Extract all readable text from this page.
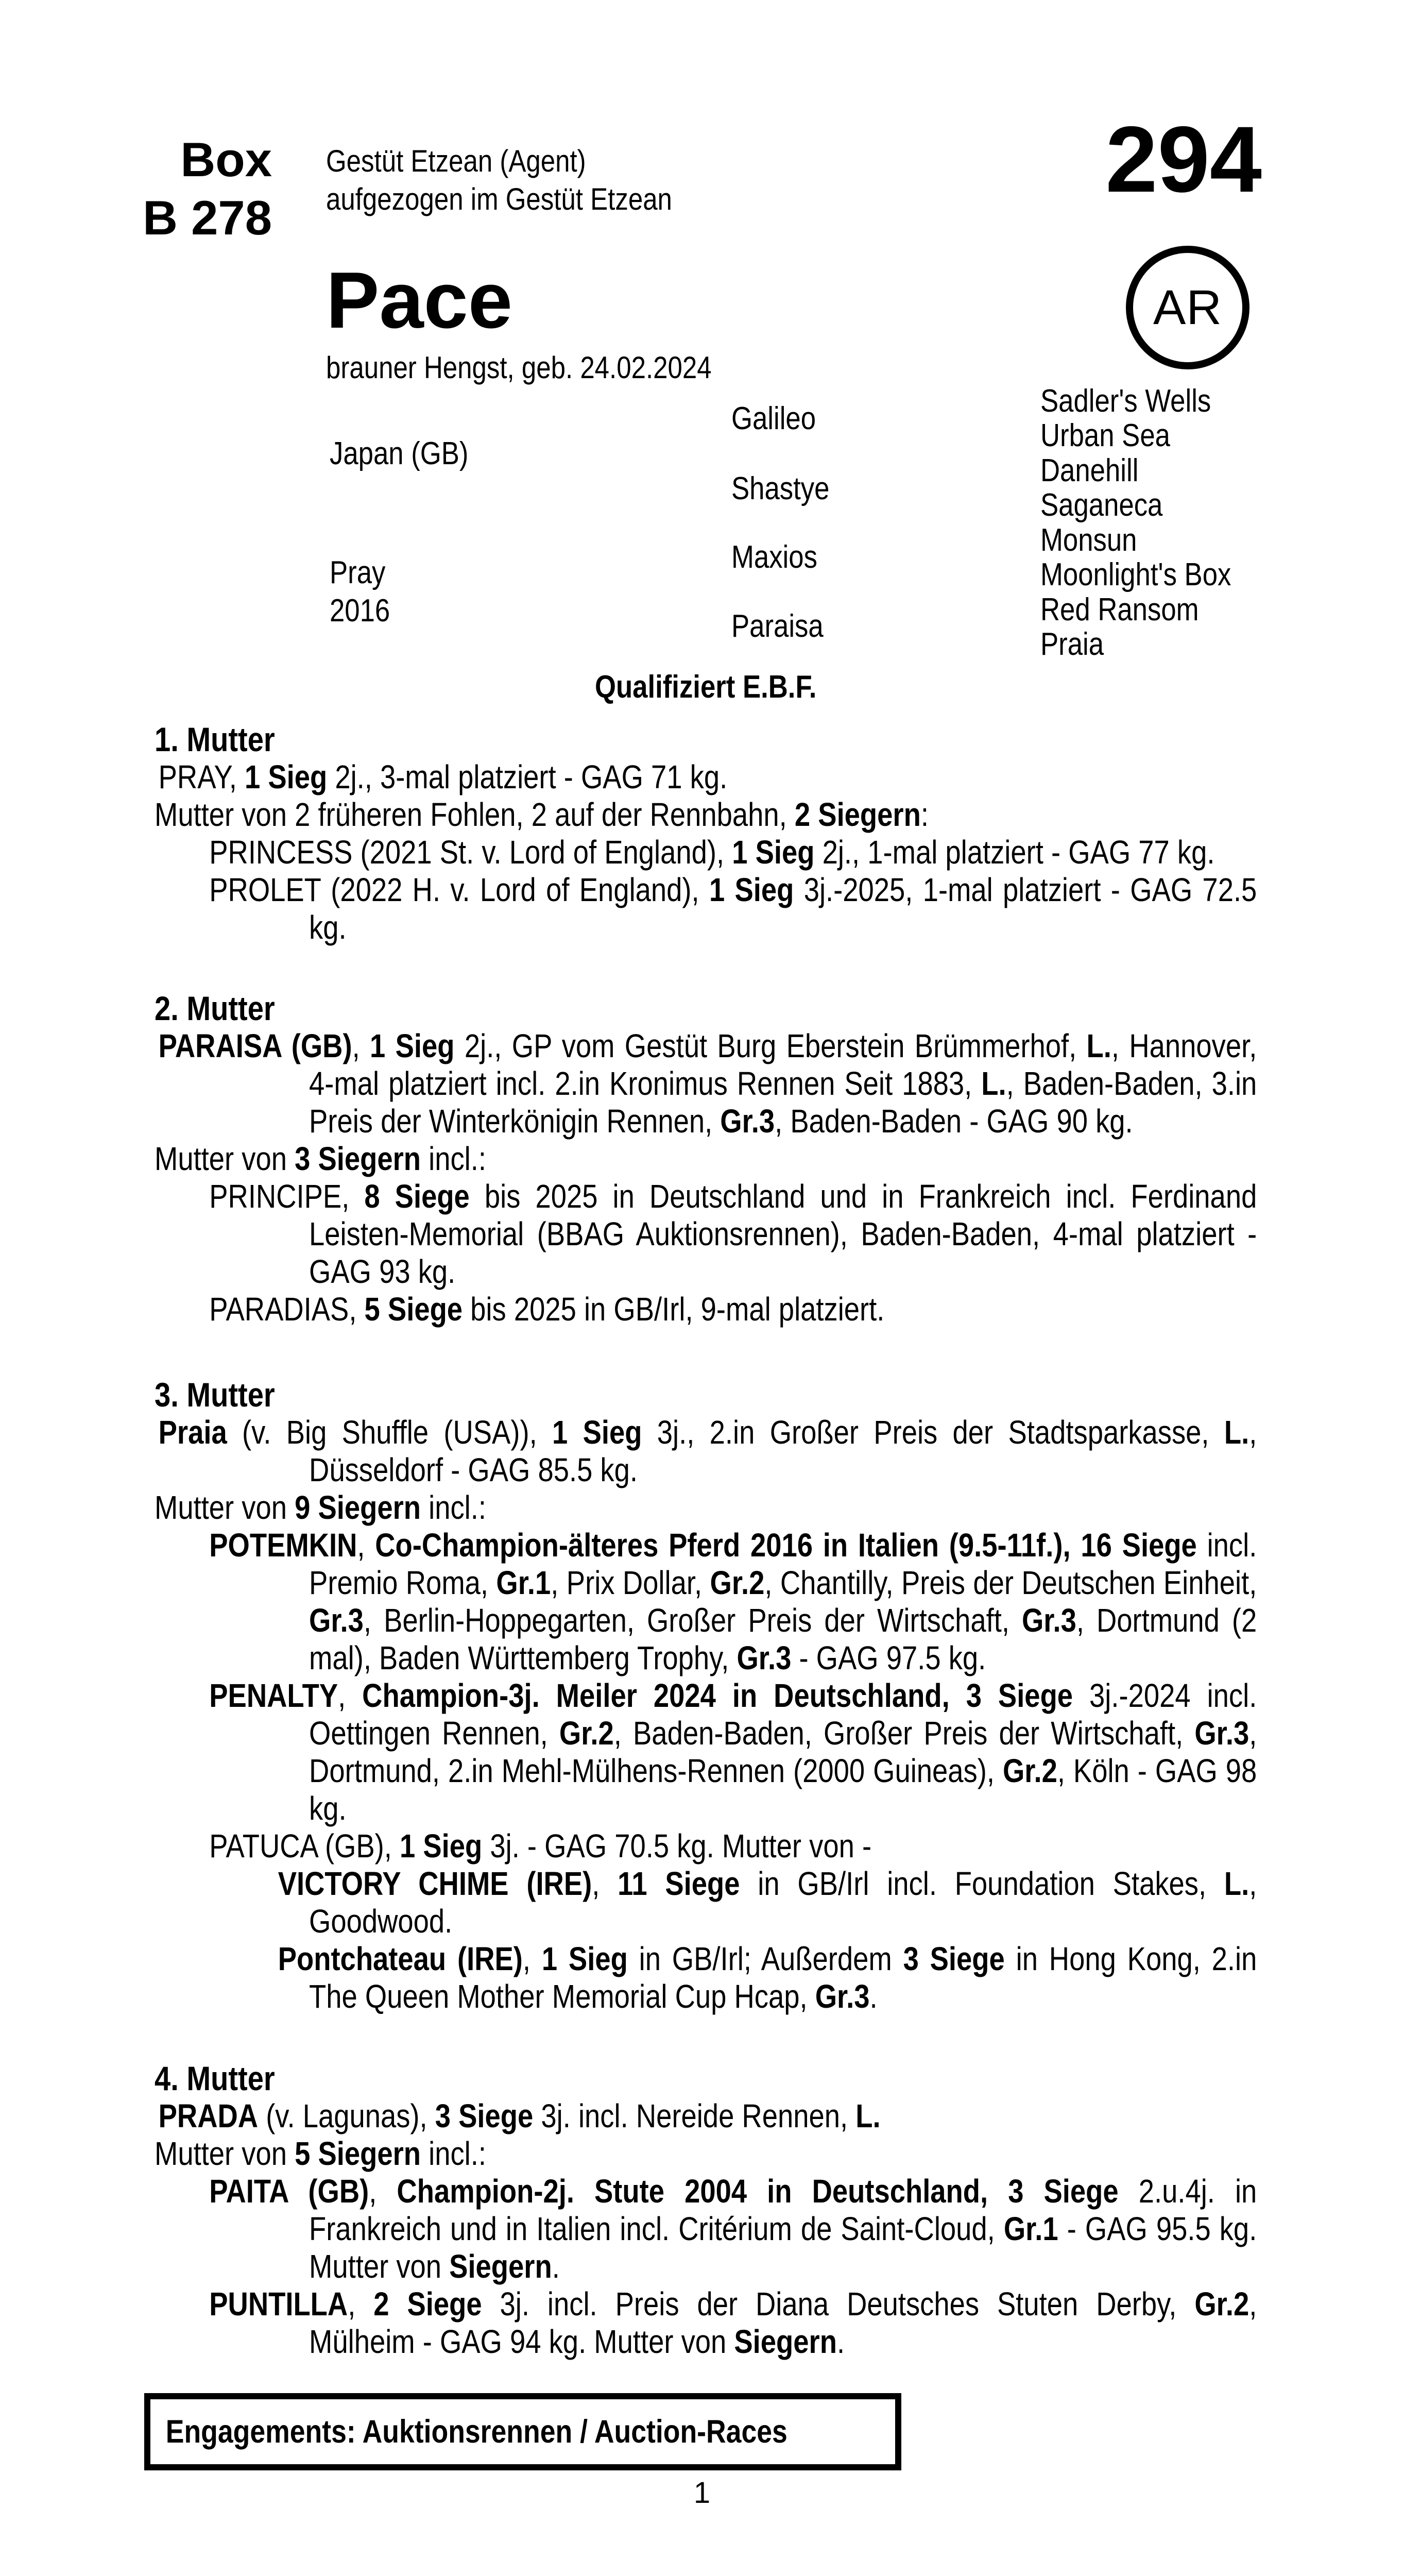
Box
B 278
Gestüt Etzean (Agent)
aufgezogen im Gestüt Etzean	294
AR
Pace
brauner Hengst, geb. 24.02.2024
Japan (GB)
Pray
2016
Galileo
Shastye
Maxios
Paraisa
Sadler's Wells
Urban Sea
Danehill
Saganeca
Monsun
Moonlight's Box
Red Ransom
Praia
Qualifiziert E.B.F.
1. Mutter

PRAY, 1 Sieg 2j., 3-mal platziert - GAG 71 kg.

Mutter von 2 früheren Fohlen, 2 auf der Rennbahn, 2 Siegern:

PRINCESS (2021 St. v. Lord of England), 1 Sieg 2j., 1-mal platziert - GAG 77 kg.

PROLET (2022 H. v. Lord of England), 1 Sieg 3j.-2025, 1-mal platziert - GAG 72.5 kg.

2. Mutter

PARAISA (GB), 1 Sieg 2j., GP vom Gestüt Burg Eberstein Brümmerhof, L., Hannover, 4-mal platziert incl. 2.in Kronimus Rennen Seit 1883, L., Baden-Baden, 3.in Preis der Winterkönigin Rennen, Gr.3, Baden-Baden - GAG 90 kg.

Mutter von 3 Siegern incl.:

PRINCIPE, 8 Siege bis 2025 in Deutschland und in Frankreich incl. Ferdinand Leisten-Memorial (BBAG Auktionsrennen), Baden-Baden, 4-mal platziert - GAG 93 kg.

PARADIAS, 5 Siege bis 2025 in GB/Irl, 9-mal platziert.

3. Mutter

Praia (v. Big Shuffle (USA)), 1 Sieg 3j., 2.in Großer Preis der Stadtsparkasse, L., Düsseldorf - GAG 85.5 kg.

Mutter von 9 Siegern incl.:

POTEMKIN, Co-Champion-älteres Pferd 2016 in Italien (9.5-11f.), 16 Siege incl. Premio Roma, Gr.1, Prix Dollar, Gr.2, Chantilly, Preis der Deutschen Einheit, Gr.3, Berlin-Hoppegarten, Großer Preis der Wirtschaft, Gr.3, Dortmund (2 mal), Baden Württemberg Trophy, Gr.3 - GAG 97.5 kg.

PENALTY, Champion-3j. Meiler 2024 in Deutschland, 3 Siege 3j.-2024 incl. Oettingen Rennen, Gr.2, Baden-Baden, Großer Preis der Wirtschaft, Gr.3, Dortmund, 2.in Mehl-Mülhens-Rennen (2000 Guineas), Gr.2, Köln - GAG 98 kg.

PATUCA (GB), 1 Sieg 3j. - GAG 70.5 kg. Mutter von -

VICTORY CHIME (IRE), 11 Siege in GB/Irl incl. Foundation Stakes, L., Goodwood.

Pontchateau (IRE), 1 Sieg in GB/Irl; Außerdem 3 Siege in Hong Kong, 2.in The Queen Mother Memorial Cup Hcap, Gr.3.

4. Mutter

PRADA (v. Lagunas), 3 Siege 3j. incl. Nereide Rennen, L.

Mutter von 5 Siegern incl.:

PAITA (GB), Champion-2j. Stute 2004 in Deutschland, 3 Siege 2.u.4j. in Frankreich und in Italien incl. Critérium de Saint-Cloud, Gr.1 - GAG 95.5 kg. Mutter von Siegern.

PUNTILLA, 2 Siege 3j. incl. Preis der Diana Deutsches Stuten Derby, Gr.2, Mülheim - GAG 94 kg. Mutter von Siegern.

Engagements: Auktionsrennen / Auction-Races
1
